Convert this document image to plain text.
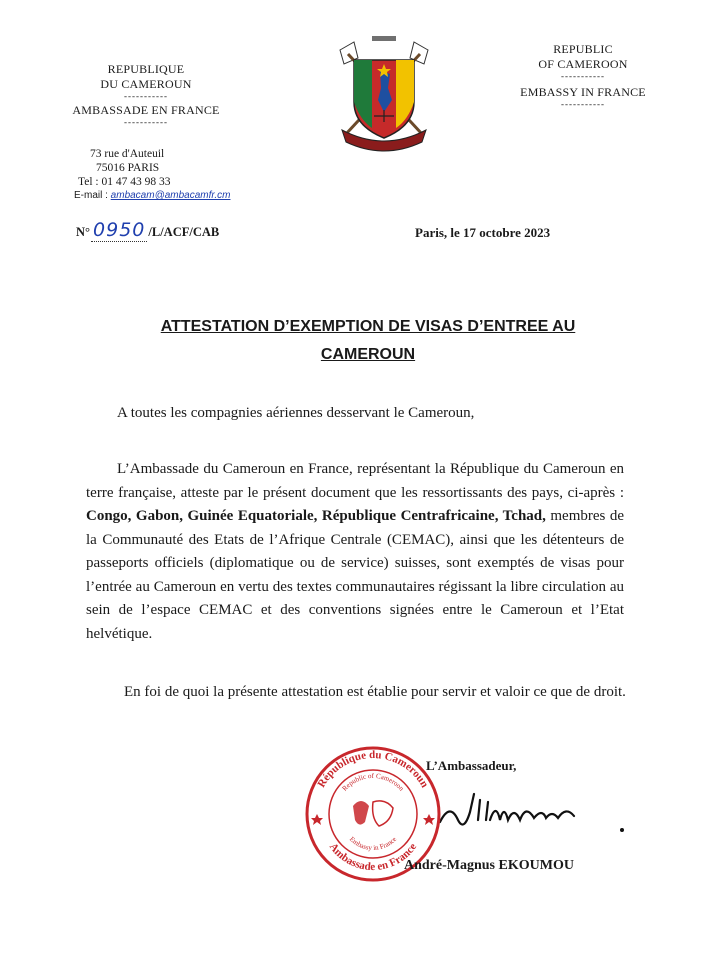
REPUBLIQUE
DU CAMEROUN
-----------
AMBASSADE EN FRANCE
-----------
REPUBLIC
OF CAMEROON
-----------
EMBASSY IN FRANCE
-----------
73 rue d'Auteuil
75016 PARIS
Tel : 01 47 43 98 33
E-mail : ambacam@ambacamfr.cm
N° 0950 /L/ACF/CAB	Paris, le 17 octobre 2023
ATTESTATION D’EXEMPTION DE VISAS D’ENTREE AU
CAMEROUN
A toutes les compagnies aériennes desservant le Cameroun,
L’Ambassade du Cameroun en France, représentant la République du Cameroun en terre française, atteste par le présent document que les ressortissants des pays, ci-après : Congo, Gabon, Guinée Equatoriale, République Centrafricaine, Tchad, membres de la Communauté des Etats de l’Afrique Centrale (CEMAC), ainsi que les détenteurs de passeports officiels (diplomatique ou de service) suisses, sont exemptés de visas pour l’entrée au Cameroun en vertu des textes communautaires régissant la libre circulation au sein de l’espace CEMAC et des conventions signées entre le Cameroun et l’Etat helvétique.
En foi de quoi la présente attestation est établie pour servir et valoir ce que de droit.
L’Ambassadeur,
République du Cameroun
Ambassade en France
Republic of Cameroon
Embassy in France
André-Magnus EKOUMOU
